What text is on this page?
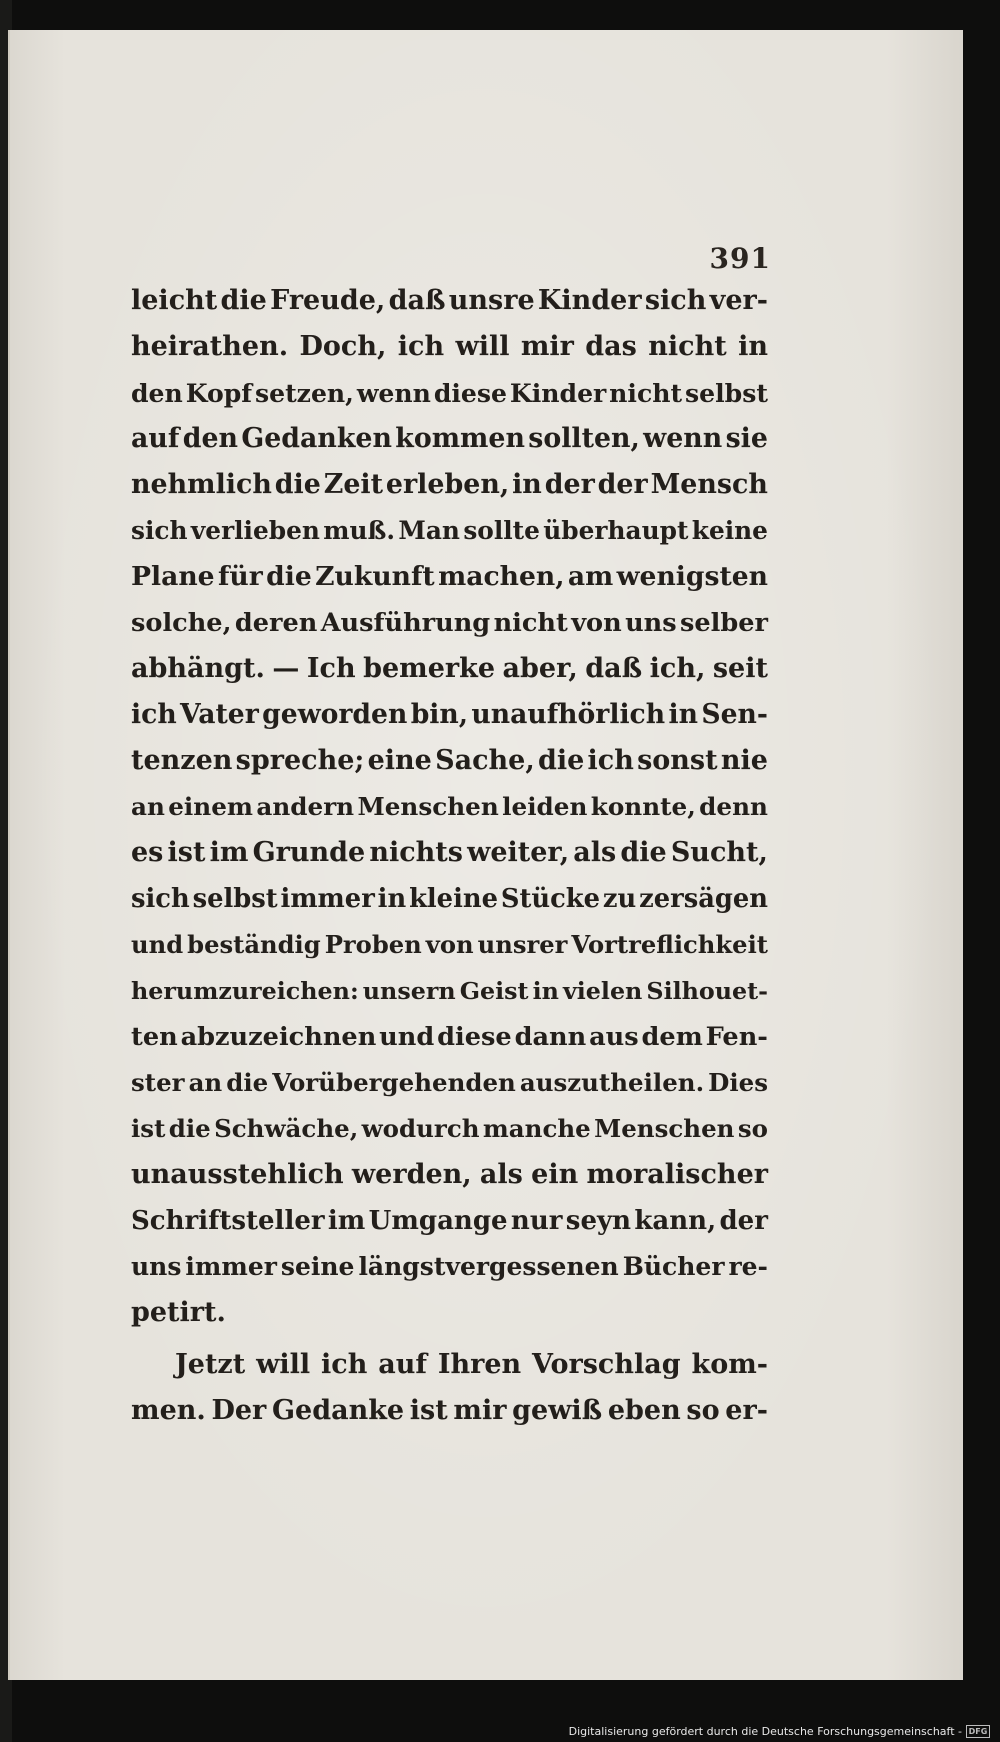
391
leicht die Freude, daß unsre Kinder sich ver-
heirathen. Doch, ich will mir das nicht in
den Kopf setzen, wenn diese Kinder nicht selbst
auf den Gedanken kommen sollten, wenn sie
nehmlich die Zeit erleben, in der der Mensch
sich verlieben muß. Man sollte überhaupt keine
Plane für die Zukunft machen, am wenigsten
solche, deren Ausführung nicht von uns selber
abhängt. — Ich bemerke aber, daß ich, seit
ich Vater geworden bin, unaufhörlich in Sen-
tenzen spreche; eine Sache, die ich sonst nie
an einem andern Menschen leiden konnte, denn
es ist im Grunde nichts weiter, als die Sucht,
sich selbst immer in kleine Stücke zu zersägen
und beständig Proben von unsrer Vortreflichkeit
herumzureichen: unsern Geist in vielen Silhouet-
ten abzuzeichnen und diese dann aus dem Fen-
ster an die Vorübergehenden auszutheilen. Dies
ist die Schwäche, wodurch manche Menschen so
unausstehlich werden, als ein moralischer
Schriftsteller im Umgange nur seyn kann, der
uns immer seine längstvergessenen Bücher re-
petirt.
Jetzt will ich auf Ihren Vorschlag kom-
men. Der Gedanke ist mir gewiß eben so er-
Digitalisierung gefördert durch die Deutsche Forschungsgemeinschaft - DFG
